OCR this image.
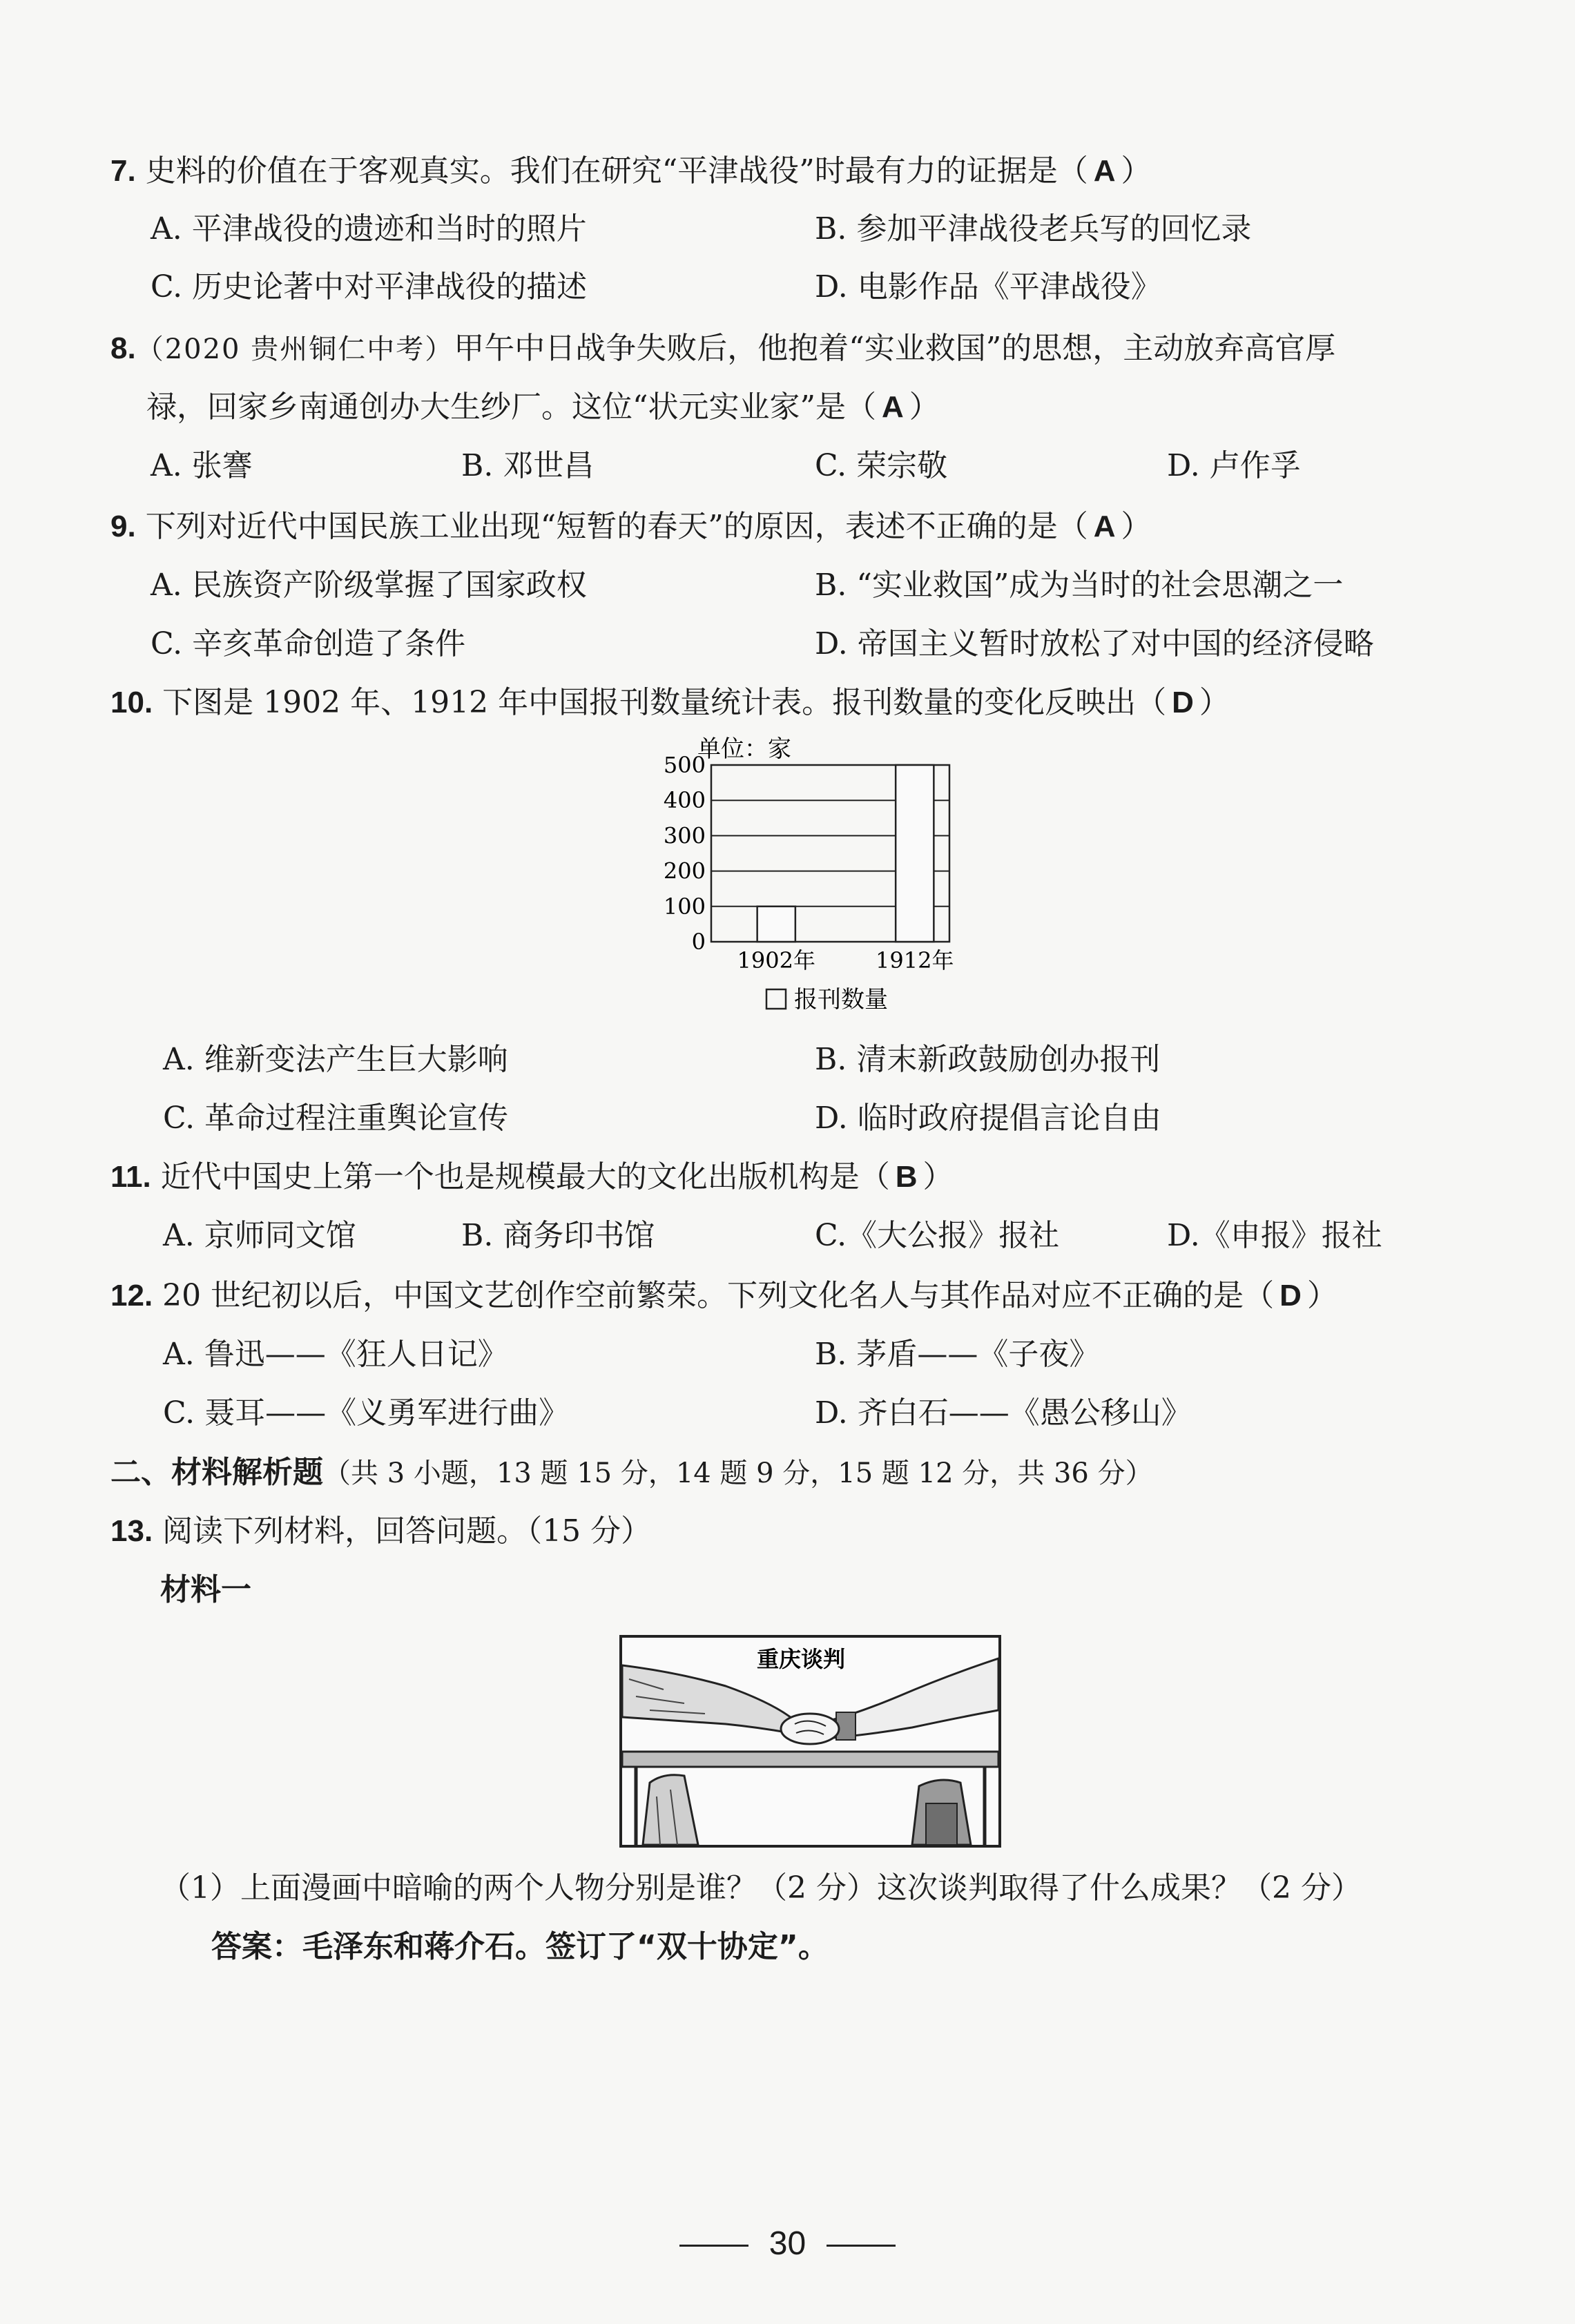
7. 史料的价值在于客观真实。我们在研究“平津战役”时最有力的证据是（ A ）
A. 平津战役的遗迹和当时的照片	B. 参加平津战役老兵写的回忆录
C. 历史论著中对平津战役的描述	D. 电影作品《平津战役》
8.（2020 贵州铜仁中考）甲午中日战争失败后，他抱着“实业救国”的思想，主动放弃高官厚
禄，回家乡南通创办大生纱厂。这位“状元实业家”是（ A ）
A. 张謇	B. 邓世昌	C. 荣宗敬	D. 卢作孚
9. 下列对近代中国民族工业出现“短暂的春天”的原因，表述不正确的是（ A ）
A. 民族资产阶级掌握了国家政权	B. “实业救国”成为当时的社会思潮之一
C. 辛亥革命创造了条件	D. 帝国主义暂时放松了对中国的经济侵略
10. 下图是 1902 年、1912 年中国报刊数量统计表。报刊数量的变化反映出（ D ）
单位：家
0
100
200
300
400
500
1902年	1912年
报刊数量
A. 维新变法产生巨大影响	B. 清末新政鼓励创办报刊
C. 革命过程注重舆论宣传	D. 临时政府提倡言论自由
11. 近代中国史上第一个也是规模最大的文化出版机构是（ B ）
A. 京师同文馆	B. 商务印书馆	C.《大公报》报社	D.《申报》报社
12. 20 世纪初以后，中国文艺创作空前繁荣。下列文化名人与其作品对应不正确的是（ D ）
A. 鲁迅——《狂人日记》	B. 茅盾——《子夜》
C. 聂耳——《义勇军进行曲》	D. 齐白石——《愚公移山》
二、材料解析题（共 3 小题，13 题 15 分，14 题 9 分，15 题 12 分，共 36 分）
13. 阅读下列材料，回答问题。（15 分）
材料一
重庆谈判
（1）上面漫画中暗喻的两个人物分别是谁？（2 分）这次谈判取得了什么成果？（2 分）
答案：毛泽东和蒋介石。签订了“双十协定”。
30
